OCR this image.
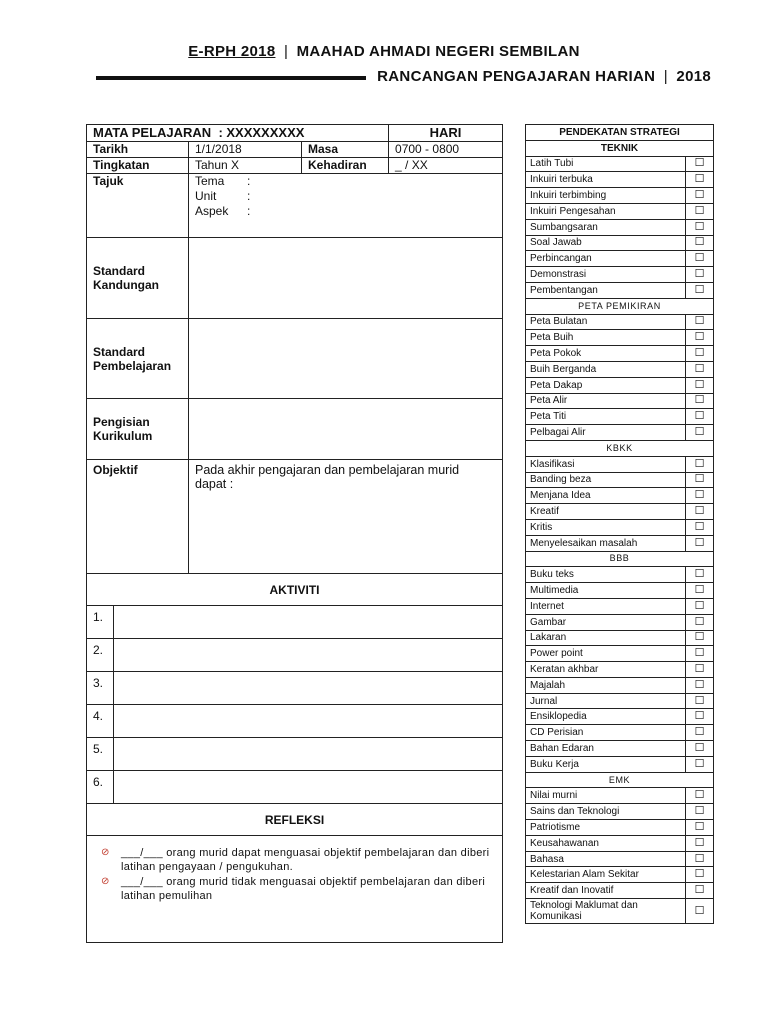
E-RPH 2018 | MAAHAD AHMADI NEGERI SEMBILAN
RANCANGAN PENGAJARAN HARIAN | 2018
MATA PELAJARAN : XXXXXXXXX			HARI
Tarikh	1/1/2018	Masa	0700 - 0800
Tingkatan	Tahun X	Kehadiran	_ / XX
Tajuk	Tema :
Unit :
Aspek :		

Standard
Kandungan			

Standard
Pembelajaran			

Pengisian
Kurikulum			

Objektif	Pada akhir pengajaran dan pembelajaran murid dapat :		
AKTIVITI			

1.			

2.			

3.			

4.			

5.			

6.			

REFLEKSI			

⊘ ___/___ orang murid dapat menguasai objektif pembelajaran dan diberi latihan pengayaan / pengukuhan.
⊘ ___/___ orang murid tidak menguasai objektif pembelajaran dan diberi latihan pemulihan			
PENDEKATAN STRATEGI	
TEKNIK	
Latih Tubi	☐
Inkuiri terbuka	☐
Inkuiri terbimbing	☐
Inkuiri Pengesahan	☐
Sumbangsaran	☐
Soal Jawab	☐
Perbincangan	☐
Demonstrasi	☐
Pembentangan	☐
PETA PEMIKIRAN	
Peta Bulatan	☐
Peta Buih	☐
Peta Pokok	☐
Buih Berganda	☐
Peta Dakap	☐
Peta Alir	☐
Peta Titi	☐
Pelbagai Alir	☐
KBKK	
Klasifikasi	☐
Banding beza	☐
Menjana Idea	☐
Kreatif	☐
Kritis	☐
Menyelesaikan masalah	☐
BBB	
Buku teks	☐
Multimedia	☐
Internet	☐
Gambar	☐
Lakaran	☐
Power point	☐
Keratan akhbar	☐
Majalah	☐
Jurnal	☐
Ensiklopedia	☐
CD Perisian	☐
Bahan Edaran	☐
Buku Kerja	☐
EMK	
Nilai murni	☐
Sains dan Teknologi	☐
Patriotisme	☐
Keusahawanan	☐
Bahasa	☐
Kelestarian Alam Sekitar	☐
Kreatif dan Inovatif	☐
Teknologi Maklumat dan Komunikasi	☐
